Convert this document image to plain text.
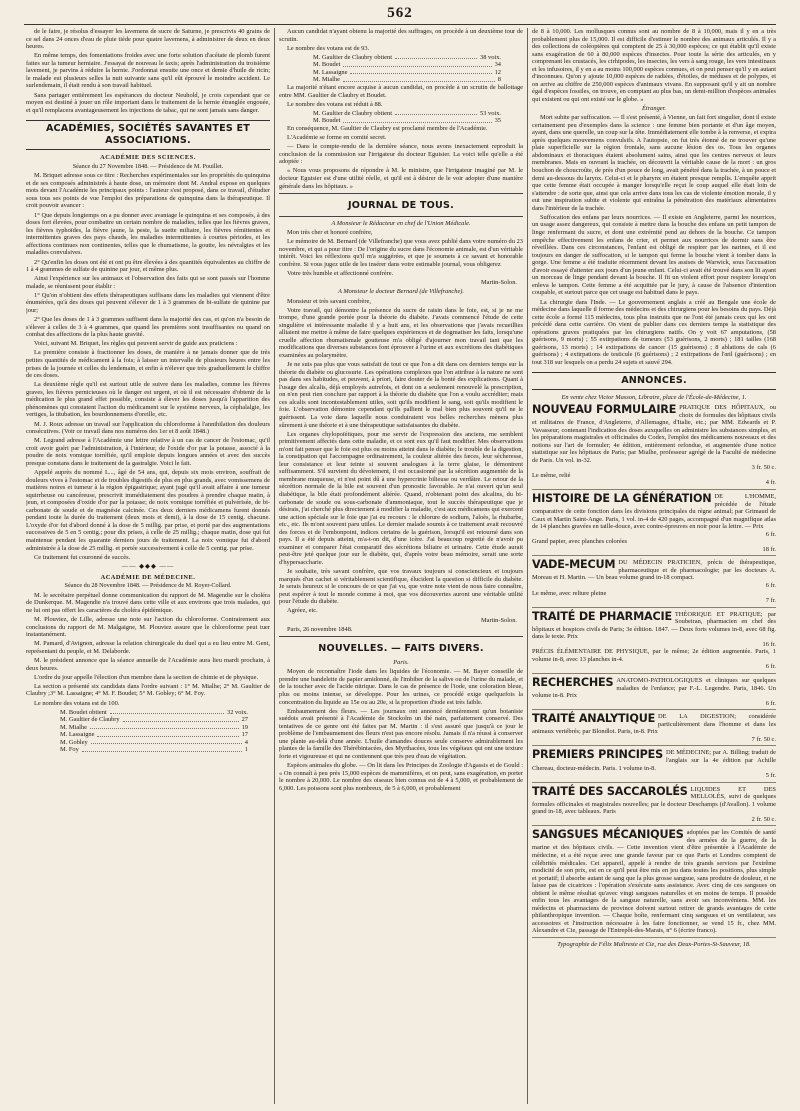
562

de le faire, je résolus d'essayer les lavemens de sucre de Saturne, je prescrivis 40 grains de ce sel dans 24 onces d'eau de pluie tiède pour quatre lavemens, à administrer de deux en deux heures.

En même temps, des fomentations froides avec une forte solution d'acétate de plomb furent faites sur la tumeur herniaire. J'essayai de nouveau le taxis; après l'administration du troisième lavement, je parvins à réduire la hernie. J'ordonnai ensuite une once et demie d'huile de ricin; le malade eut plusieurs selles la nuit suivante sans qu'il eût éprouvé le moindre accident. Le surlendemain, il était rendu à son travail habituel.

Sans partager entièrement les espérances du docteur Neuhold, je crois cependant que ce moyen est destiné à jouer un rôle important dans le traitement de la hernie étranglée engouée, et qu'il remplacera avantageusement les injections de tabac, qui ne sont jamais sans danger.

ACADÉMIES, SOCIÉTÉS SAVANTES ET ASSOCIATIONS.

ACADÉMIE DES SCIENCES.

Séance du 27 Novembre 1848. — Présidence de M. Pouillet.

M. Briquet adresse sous ce titre : Recherches expérimentales sur les propriétés du quinquina et de ses composés administrés à haute dose, un mémoire dont M. Andral expose en quelques mots devant l'Académie les principaux points : l'auteur s'est proposé, dans ce travail, d'étudier sous tous ses points de vue l'emploi des préparations de quinquina dans la thérapeutique. Il croit pouvoir avancer :

1° Que depuis longtemps on a pu donner avec avantage le quinquina et ses composés, à des doses fort élevées, pour combattre un certain nombre de maladies, telles que les fièvres graves, les fièvres typhoïdes, la fièvre jaune, la peste, la suette miliaire, les fièvres rémittentes et intermittentes graves des pays chauds, les maladies intermittentes à courtes périodes, et les affections continues non continentes, telles que le rhumatisme, la goutte, les névralgies et les maladies convulsives.

2° Qu'enfin les doses ont été et ont pu être élevées à des quantités équivalentes au chiffre de 1 à 4 grammes de sulfate de quinine par jour, et même plus.

Ainsi l'expérience sur les animaux et l'observation des faits qui se sont passés sur l'homme malade, se réunissent pour établir :

1° Qu'on n'obtient des effets thérapeutiques suffisans dans les maladies qui viennent d'être énumérées, qu'à des doses qui peuvent s'élever de 1 à 3 grammes de bi-sulfate de quinine par jour;

2° Que les doses de 1 à 3 grammes suffisent dans la majorité des cas, et qu'on n'a besoin de s'élever à celles de 3 à 4 grammes, que quand les premières sont insuffisantes ou quand on combat des affections de la plus haute gravité.

Voici, suivant M. Briquet, les règles qui peuvent servir de guide aux praticiens :

La première consiste à fractionner les doses, de manière à ne jamais donner que de très petites quantités de médicament à la fois; à laisser un intervalle de plusieurs heures entre les prises de la journée et celles du lendemain, et enfin à n'élever que très graduellement le chiffre de ces doses.

La deuxième règle qu'il est surtout utile de suivre dans les maladies, comme les fièvres graves, les fièvres pernicieuses où le danger est urgent, et où il est nécessaire d'obtenir de la médication le plus grand effet possible, consiste à élever les doses jusqu'à l'apparition des phénomènes qui constatent l'action du médicament sur le système nerveux, la céphalalgie, les vertiges, la titubation, les bourdonnemens d'oreille, etc.

M. J. Roux adresse un travail sur l'application du chloroforme à l'annihilation des douleurs consécutives. (Voir ce travail dans nos numéros des 1er et 8 août 1848.)

M. Legrand adresse à l'Académie une lettre relative à un cas de cancer de l'estomac, qu'il croit avoir guéri par l'administration, à l'intérieur, de l'oxide d'or par la potasse, associé à la poudre de noix vomique torréfiée, qu'il emploie depuis longues années et avec des succès presque constans dans le traitement de la gastralgie. Voici le fait.

Appelé auprès du nommé L..., âgé de 54 ans, qui, depuis six mois environ, souffrait de douleurs vives à l'estomac et de troubles digestifs de plus en plus grands, avec vomissemens de matières noires et tumeur à la région épigastrique; ayant jugé qu'il avait affaire à une tumeur squirrheuse ou cancéreuse, prescrivit immédiatement des poudres à prendre chaque matin, à jeun, et composées d'oxide d'or par la potasse; de noix vomique torréfiée et pulvérisée, de bi-carbonate de soude et de magnésie calcinée. Ces deux derniers médicamens furent donnés pendant toute la durée du traitement (deux mois et demi), à la dose de 15 centig. chacune. L'oxyde d'or fut d'abord donné à la dose de 5 millig. par prise, et porté par des augmentations successives de 5 en 5 centig.; pour dix prises, à celle de 25 millig.; chaque matin, dose qui fut maintenue pendant les quarante derniers jours de traitement. La noix vomique fut d'abord administrée à la dose de 25 millig. et portée successivement à celle de 5 centig. par prise.

Ce traitement fut couronné de succès.

—— ◆◆◆ ——

ACADÉMIE DE MÉDECINE.

Séance du 28 Novembre 1848. — Présidence de M. Royer-Collard.

M. le secrétaire perpétuel donne communication du rapport de M. Magendie sur le choléra de Dunkerque. M. Magendie n'a trouvé dans cette ville et aux environs que trois malades, qui ne lui ont pas offert les caractères du choléra épidémique.

M. Plouviez, de Lille, adresse une note sur l'action du chloroforme. Contrairement aux conclusions du rapport de M. Malgaigne, M. Plouviez assure que le chloroforme peut tuer instantanément.

M. Pamard, d'Avignon, adresse la relation chirurgicale du duel qui a eu lieu entre M. Gent, représentant du peuple, et M. Delaborde.

M. le président annonce que la séance annuelle de l'Académie aura lieu mardi prochain, à deux heures.

L'ordre du jour appelle l'élection d'un membre dans la section de chimie et de physique.

La section a présenté six candidats dans l'ordre suivant : 1° M. Mialhe; 2° M. Gaultier de Claubry ;3° M. Lassaigne; 4° M. F. Boudet; 5° M. Gobley; 6° M. Foy.

Le nombre des votans est de 100.

M. Boudet obtient	32 voix.
M. Gaultier de Claubry	27
M. Mialhe	19
M. Lassaigne	17
M. Gobley	4
M. Foy	1

Aucun candidat n'ayant obtenu la majorité des suffrages, on procède à un deuxième tour de scrutin.

Le nombre des votans est de 93.

M. Gaultier de Claubry obtient	38 voix.
M. Boudet	34
M. Lassaigne	12
M. Mialhe	8

La majorité n'étant encore acquise à aucun candidat, on procède à un scrutin de ballottage entre MM. Gaultier de Claubry et Boudet.

Le nombre des votans est réduit à 88.

M. Gaultier de Claubry obtient	53 voix.
M. Boudet	35

En conséquence, M. Gaultier de Claubry est proclamé membre de l'Académie.

L'Académie se forme en comité secret.

— Dans le compte-rendu de la dernière séance, nous avons inexactement reproduit la conclusion de la commission sur l'irrigateur du docteur Eguisier. La voici telle qu'elle a été adoptée :

« Nous vous proposons de répondre à M. le ministre, que l'irrigateur imaginé par M. le docteur Eguisier est d'une utilité réelle, et qu'il est à désirer de le voir adopter d'une manière générale dans les hôpitaux. »

JOURNAL DE TOUS.

A Monsieur le Rédacteur en chef de l'Union Médicale.

Mon très cher et honoré confrère,

Le mémoire de M. Bernard (de Villefranche) que vous avez publié dans votre numéro du 23 novembre, et qui a pour titre : De l'origine du sucre dans l'économie animale, est d'un véritable intérêt. Voici les réflexions qu'il m'a suggérées, et que je soumets à ce savant et honorable confrère. Si vous jugez utile de les insérer dans votre estimable journal, vous obligerez

Votre très humble et affectionné confrère.

Martin-Solon.

A Monsieur le docteur Bernard (de Villefranche).

Monsieur et très savant confrère,

Votre travail, qui démontre la présence du sucre de raisin dans le foie, est, si je ne me trompe, d'une grande portée pour la théorie du diabète. J'avais commencé l'étude de cette singulière et intéressante maladie il y a huit ans, et les observations que j'avais recueillies alliaient me mettre à même de faire quelques expériences et de dogmatiser les faits, lorsqu'une cruelle affection rhumatismale goutteuse m'a obligé d'ajourner mon travail tant que les modifications que diverses substances font éprouver à l'urine et aux excrétions des diabétiques examinées au polarymètre.

Je ne suis pas plus que vous satisfait de tout ce que l'on a dit dans ces derniers temps sur la théorie du diabète ou glucosurie. Les opérations complexes que l'on attribue à la nature ne sont pas dans ses habitudes, et peuvent, à priori, faire douter de la bonté des explications. Quant à l'usage des alcalis, déjà employés autrefois, et dont on a seulement renouvelé la prescription, on n'en peut rien conclure par rapport à la théorie du diabète que l'on a voulu accréditer; mais ces alcalis sont incontestablement utiles, soit qu'ils modifient le sang, soit qu'ils modifient le foie. L'observation démontre cependant qu'ils pallient le mal bien plus souvent qu'il ne le guérissent. La voie dans laquelle nous conduiraient vos belles recherches mènera plus sûrement à une théorie et à une thérapeutique satisfaisantes du diabète.

Les organes chylopoïétiques, pour me servir de l'expression des anciens, me semblent primitivement affectés dans cette maladie, et ce sont eux qu'il faut modifier. Mes observations m'ont fait penser que le foie est plus ou moins atteint dans le diabète; le trouble de la digestion, la constipation qui l'accompagne ordinairement, la couleur altérée des fæces, leur sécheresse, leur consistance et leur teinte si souvent analogues à la terre glaise, le démontrent suffisamment. S'il survient du dévoiement, il est occasionné par la sécrétion augmentée de la membrane muqueuse, et n'est point dû à une hypercrinie bilieuse ou verdâtre. Le retour de la sécrétion normale de la bile est souvent d'un pronostic favorable. Je n'ai ouvert qu'un seul diabétique, la bile était profondément altérée. Quand, n'obtenant point des alcalins, du bi-carbonate de soude ou sous-carbonate d'ammoniaque, tout le succès thérapeutique que je désirais, j'ai cherché plus directement à modifier la maladie, c'est aux médicamens qui exercent une action spéciale sur le foie que j'ai eu recours : le chlorure de sodium, l'aloès, la rhubarbe, etc., etc. Ils m'ont souvent paru utiles. Le dernier malade soumis à ce traitement avait recouvré des forces et de l'embonpoint, indices certains de la guérison, lorsqu'il est retourné dans son pays. Il a été depuis atteint, m'a-t-on dit, d'une icère. J'ai beaucoup regretté de n'avoir pu examiner et comparer l'état comparatif des sécrétions biliaire et urinaire. Cette étude aurait peut-être jeté quelque jour sur le diabète, qui, d'après votre beau mémoire, serait une sorte d'hypersaccharie.

Je souhaite, très savant confrère, que vos travaux toujours si consciencieux et toujours marqués d'un cachet si véritablement scientifique, élucident la question si difficile du diabète. Je serais heureux si le concours de ce que j'ai vu, que votre note vient de nous faire connaître, peut espérer à tout le monde comme à moi, que vos découvertes auront une véritable utilité pour l'étude du diabète.

Agréez, etc.

Martin-Solon.

Paris, 26 novembre 1848.

NOUVELLES. — FAITS DIVERS.

Paris.

Moyen de reconnaître l'iode dans les liquides de l'économie. — M. Bayer conseille de prendre une bandelette de papier amidonné, de l'imbiber de la salive ou de l'urine du malade, et de la toucher avec de l'acide nitrique. Dans le cas de présence de l'iode, une coloration bleue, plus ou moins intense, se développe. Pour les urines, ce procédé exige quelquefois la concentration du liquide au 15e ou au 20e, si la proportion d'iode est très faible.

Embaumement des fleurs. — Les journaux ont annoncé dernièrement qu'un botaniste suédois avait présenté à l'Académie de Stockolm un thé nain, parfaitement conservé. Des tentatives de ce genre ont été faites par M. Martin : il s'est assuré que jusqu'à ce jour le problème de l'embaumement des fleurs n'est pas encore résolu. Jamais il n'a réussi à conserver une plante au-delà d'une année. L'huile d'amandes douces seule conserve admirablement les plantes de la famille des Thérébintacées, des Myrthacées, tous les végétaux qui ont une texture forte et vigoureuse et qui ne contiennent que très peu d'eau de végétation.

Espèces animales du globe. — On lit dans les Principes de Zoologie d'Agassis et de Gould : « On connaît à peu près 15,000 espèces de mammifères, et on peut, sans exagération, en porter le nombre à 20,000. Le nombre des oiseaux bien connus est de 4 à 5,000, et probablement de 6,000. Les poissons sont plus nombreux, de 5 à 6,000, et probablement

de 8 à 10,000. Les mollusques connus sont au nombre de 8 à 10,000, mais il y en a très probablement plus de 15,000. Il est difficile d'estimer le nombre des animaux articulés. Il y a des collections de coléoptères qui comptent de 25 à 30,000 espèces; ce qui établit qu'il existe sans exagération de 60 à 80,000 espèces d'insectes. Pour toute la série des articulés, en y comprenant les crustacés, les cirhipodes, les insectes, les vers à sang rouge, les vers intestinaux et les infusoires, il y en a au moins 100,000 espèces connues, et on peut penser qu'il y en autant d'inconnues. Qu'on y ajoute 10,000 espèces de radiées, d'étoiles, de méduses et de polypes, et on arrive au chiffre de 250,000 espèces d'animaux vivans. En supposant qu'il y ait un nombre égal d'espèces fossiles, on trouve, en comptant au plus bas, un demi-million d'espèces animales qui existent ou qui ont existé sur le globe. »

Étranger.

Mort subite par suffocation. — Il s'est présenté, à Vienne, un fait fort singulier, dont il existe certainement peu d'exemples dans la science : une femme bien portante et d'un âge moyen, ayant, dans une querelle, un coup sur la tête. Immédiatement elle tombe à la renverse, et expira après quelques mouvemens convulsifs. A l'autopsie, on fut très étonné de ne trouver qu'une plaie superficielle sur la région frontale, sans aucune lésion des os. Tous les organes abdominaux et thoraciques étaient absolument sains, ainsi que les centres nerveux et leurs membranes. Mais en ouvrant la trachée, on découvrit la véritable cause de la mort : un gros bouchon de choucroûte, de près d'un pouce de long, avait pénétré dans la trachée, à un pouce et demi au-dessous du larynx. Celui-ci et le pharynx en étaient presque remplis. L'enquête apprit que cette femme était occupée à manger lorsqu'elle reçut le coup auquel elle était loin de s'attendre : de sorte que, ainsi que cela arrive dans tous les cas de violente émotion morale, il y eut une inspiration subite et violente qui entraîna la pénétration des matériaux alimentaires dans l'intérieur de la trachée.

Suffocation des enfans par leurs nourrices. — Il existe en Angleterre, parmi les nourrices, un usage assez dangereux, qui consiste à mettre dans la bouche des enfans un petit tampon de linge renfermant du sucre, et dont une extrémité pend au dehors de la bouche. Ce tampon empêche effectivement les enfans de crier, et permet aux nourrices de dormir sans être réveillées. Dans ces circonstances, l'enfant est obligé de respirer par les narines, et il est toujours en danger de suffocation, si le tampon qui ferme la bouche vient à tomber dans la gorge. Une femme a été traduite récemment devant les assises de Warwick, sous l'accusation d'avoir essayé d'attenter aux jours d'un jeune enfant. Celui-ci avait été trouvé dans son lit ayant un morceau de linge pendant devant la bouche. Il fit un violent effort pour respirer lorsqu'on enleva le tampon. Cette femme a été acquittée par le jury, à cause de l'absence d'intention coupable, et surtout parce que cet usage est habituel dans le pays.

La chirurgie dans l'Inde. — Le gouvernement anglais a créé au Bengale une école de médecine dans laquelle il forme des médecins et des chirurgiens pour les besoins du pays. Déjà cette école a formé 115 médecins, tous plus instruits que ne l'ont été jamais ceux qui les ont précédé dans cette carrière. On vient de publier dans ces derniers temps la statistique des opérations graves pratiquées par les chirurgiens natifs. On y voit 67 amputations, (58 guérisons, 9 morts) ; 55 extirpations de tumeurs (53 guérisons, 2 morts) ; 181 tailles (168 guérisons, 13 morts) ; 14 extirpations de cancer (15 guérisons) ; 8 ablations de cals (6 guérisons) ; 4 extirpations de testicule (6 guérisons) ; 2 extirpations de l'œil (guérisons) ; en tout 318 sur lesquels on a perdu 24 sujets et sauvé 294.

ANNONCES.

En vente chez Victor Masson, Libraire, place de l'École-de-Médecine, 1.

NOUVEAU FORMULAIRE PRATIQUE DES HÔPITAUX, ou choix de formules des hôpitaux civils et militaires de France, d'Angleterre, d'Allemagne, d'Italie, etc.; par MM. Edwards et P. Vavasseur; contenant l'indication des doses auxquelles on administre les substances simples, et les préparations magistrales et officinales du Codex, l'emploi des médicamens nouveaux et des notions sur l'art de formuler; 4e édition, entièrement refondue, et augmentée d'une notice statistique sur les hôpitaux de Paris; par Mialhe, professeur agrégé de la Faculté de médecine de Paris. Un vol. in-32.
3 fr. 50 c.
Le même, relié
4 fr.
HISTOIRE DE LA GÉNÉRATION DE L'HOMME, précédée de l'étude comparative de cette fonction dans les divisions principales du règne animal; par Grimaud de Caux et Martin Saint-Ange. Paris, 1 vol. in-4 de 420 pages, accompagné d'un magnifique atlas de 14 planches gravées en taille-douce, avec contre-épreuves en noir pour la lettre. — Prix
6 fr.
Grand papier, avec planches colorées
18 fr.
VADE-MECUM DU MÉDECIN PRATICIEN, précis de thérapeutique, pharmaceutique et de pharmacologie; par les docteurs A. Moreau et H. Martin. — Un beau volume grand in-18 compact.
6 fr.
Le même, avec reliure pleine
7 fr.
TRAITÉ DE PHARMACIE THÉORIQUE ET PRATIQUE; par Soubeiran, pharmacien en chef des hôpitaux et hospices civils de Paris; 3e édition. 1847. — Deux forts volumes in-8, avec 68 fig. dans le texte. Prix
16 fr.
PRÉCIS ÉLÉMENTAIRE DE PHYSIQUE, par le même; 2e édition augmentée. Paris, 1 volume in-8, avec 13 planches in-4.
6 fr.
RECHERCHES ANATOMO-PATHOLOGIQUES et cliniques sur quelques maladies de l'enfance; par F.-L. Legendre. Paris, 1846. Un volume in-8. Prix
6 fr.
TRAITÉ ANALYTIQUE DE LA DIGESTION; considérée particulièrement dans l'homme et dans les animaux vertébrés; par Blondlot. Paris, in-8. Prix
7 fr. 50 c.
PREMIERS PRINCIPES DE MÉDECINE; par A. Billing; traduit de l'anglais sur la 4e édition par Achille Chereau, docteur-médecin. Paris. 1 volume in-8.
5 fr.
TRAITÉ DES SACCAROLÉS LIQUIDES ET DES MELLOLÉS, suivi de quelques formules officinales et magistrales nouvelles; par le docteur Deschamps (d'Avallon). 1 volume grand in-18, avec tableaux. Paris
2 fr. 50 c.
SANGSUES MÉCANIQUES adoptées par les Comités de santé des armées de la guerre, de la marine et des hôpitaux civils. — Cette invention vient d'être présentée à l'Académie de médecine, et a été reçue avec une grande faveur par ce que Paris et Londres comptent de célébrités médicales. Cet appareil, appelé à rendre de très grands services par l'extrême modicité de son prix, est en ce qu'il peut être mis en jeu dans toutes les positions, plus simple et portatif; il absorbe autant de sang que la plus grosse sangsue, sans produire de douleur, et ne laisse pas de cicatrices : l'opération s'exécute sans assistance. Avec cinq de ces sangsues on obtient le même résultat qu'avec vingt sangsues naturelles et en moins de temps. Il possède enfin tous les avantages de la sangsue naturelle, sans avoir ses inconvéniens. MM. les médecins et pharmaciens de province doivent surtout retirer de grands avantages de cette philanthropique invention. — Chaque boîte, renfermant cinq sangsues et un ventilateur, ses accessoires et l'instruction nécessaire à les faire fonctionner, se vend 15 fr., chez MM. Alexandre et Cie, passage de l'Entrepôt-des-Marais, n° 6 (écrire franco).

Typographie de Félix Maltreste et Cie, rue des Deux-Portes-St-Sauveur, 18.
